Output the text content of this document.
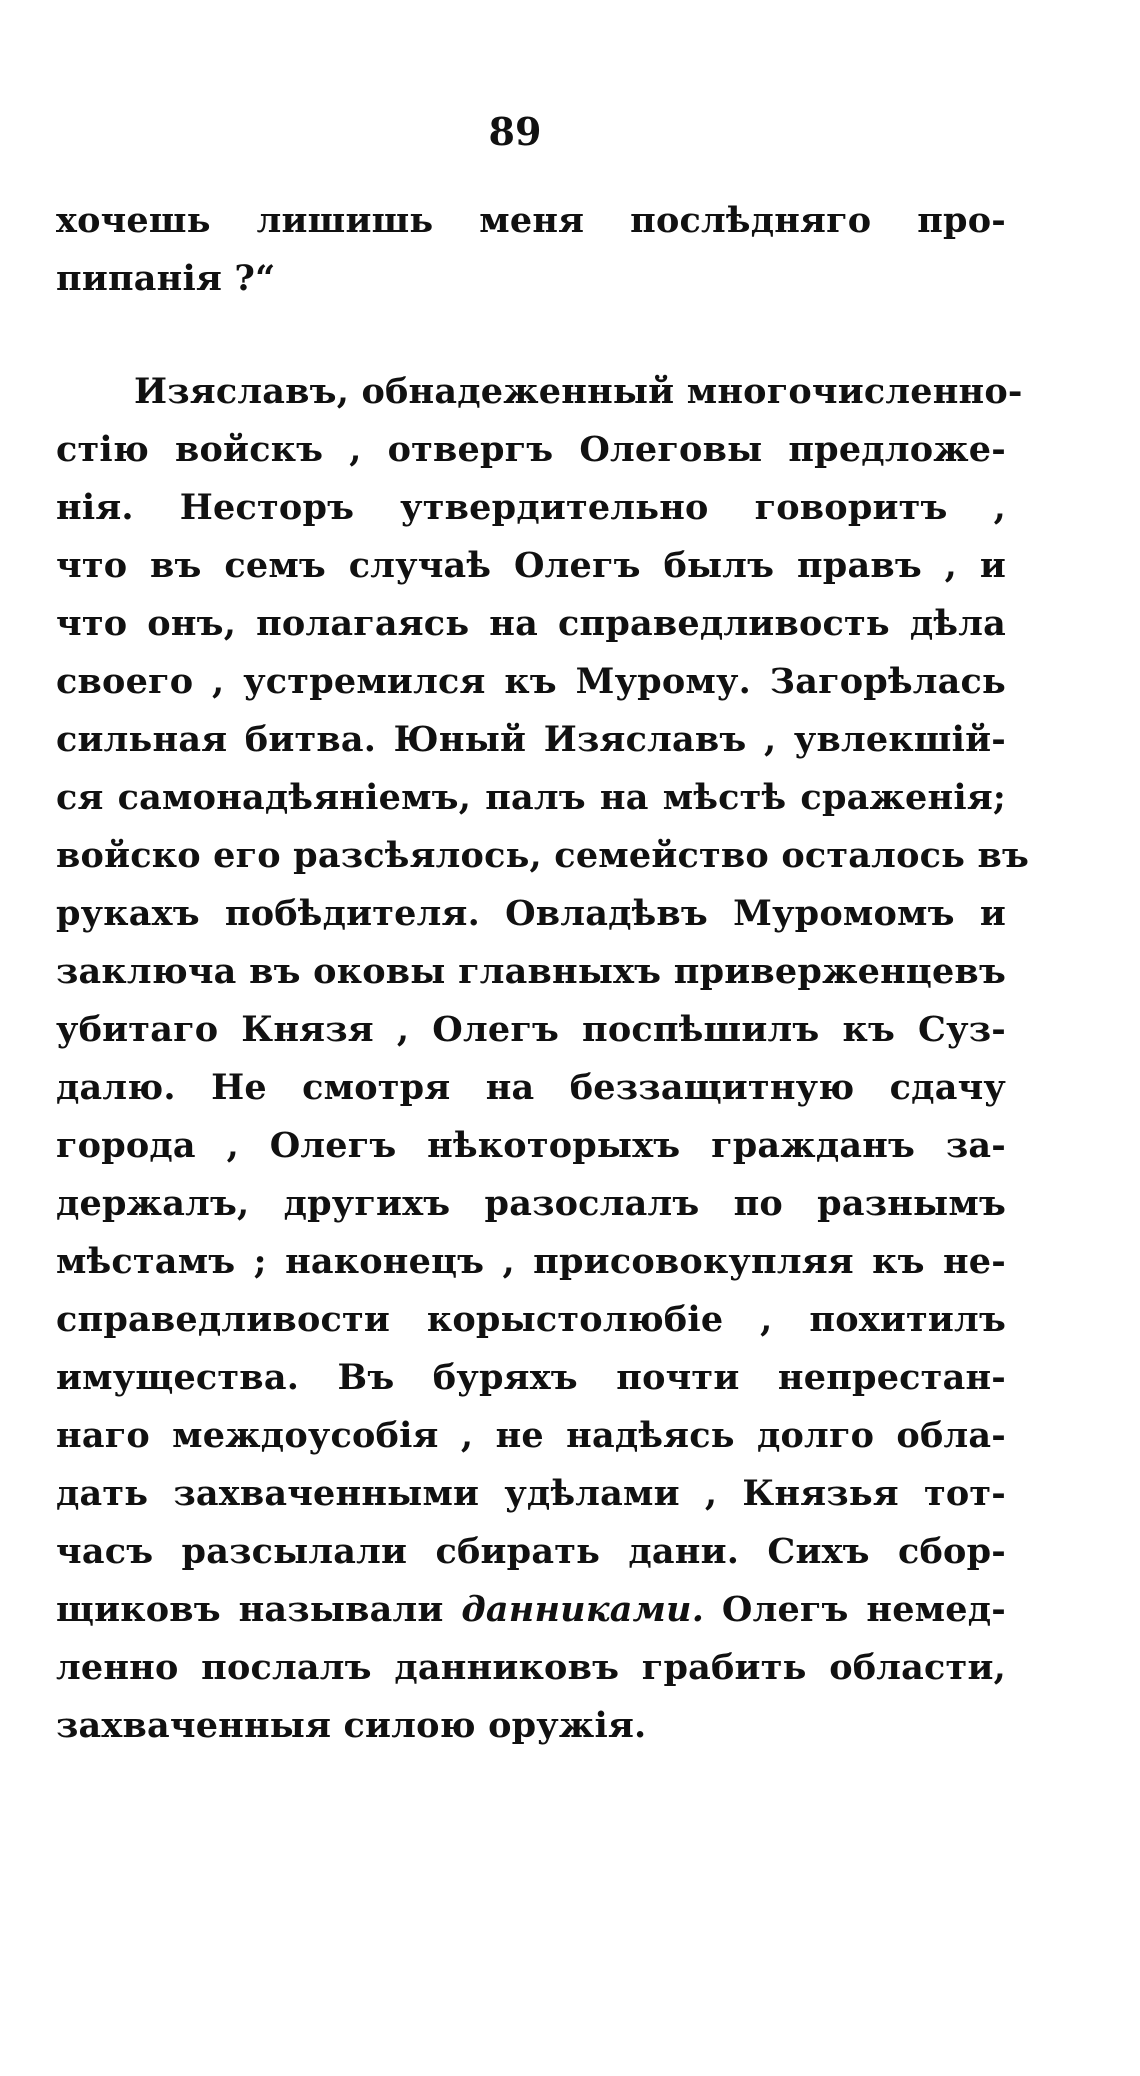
89
хочешь лишишь меня послѣдняго про-
пипанія ?“
Изяславъ, обнадеженный многочисленно-
стію войскъ , отвергъ Олеговы предложе-
нія. Несторъ утвердительно говоритъ ,
что въ семъ случаѣ Олегъ былъ правъ , и
что онъ, полагаясь на справедливость дѣла
своего , устремился къ Мурому. Загорѣлась
сильная битва. Юный Изяславъ , увлекшій-
ся самонадѣяніемъ, палъ на мѣстѣ сраженія;
войско его разсѣялось, семейство осталось въ
рукахъ побѣдителя. Овладѣвъ Муромомъ и
заключа въ оковы главныхъ приверженцевъ
убитаго Князя , Олегъ поспѣшилъ къ Суз-
далю. Не смотря на беззащитную сдачу
города , Олегъ нѣкоторыхъ гражданъ за-
держалъ, другихъ разослалъ по разнымъ
мѣстамъ ; наконецъ , присовокупляя къ не-
справедливости корыстолюбіе , похитилъ
имущества. Въ буряхъ почти непрестан-
наго междоусобія , не надѣясь долго обла-
дать захваченными удѣлами , Князья тот-
часъ разсылали сбирать дани. Сихъ сбор-
щиковъ называли данниками. Олегъ немед-
ленно послалъ данниковъ грабить области,
захваченныя силою оружія.
